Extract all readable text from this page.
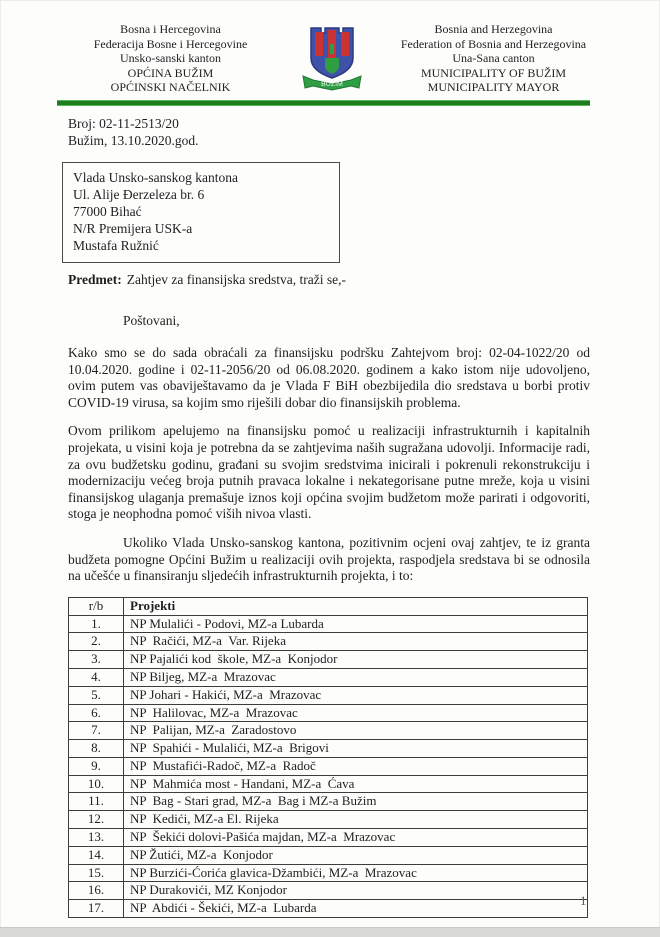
Bosna i Hercegovina
Federacija Bosne i Hercegovine
Unsko-sanski kanton
OPĆINA BUŽIM
OPĆINSKI NAČELNIK	BUŽIM
Bosnia and Herzegovina
Federation of Bosnia and Herzegovina
Una-Sana canton
MUNICIPALITY OF BUŽIM
MUNICIPALITY MAYOR
Broj: 02-11-2513/20
Bužim, 13.10.2020.god.
Vlada Unsko-sanskog kantona
Ul. Alije Đerzeleza br. 6
77000 Bihać
N/R Premijera USK-a
Mustafa Ružnić
Predmet: Zahtjev za finansijska sredstva, traži se,-
Poštovani,

Kako smo se do sada obraćali za finansijsku podršku Zahtejvom broj: 02-04-1022/20 od 10.04.2020. godine i 02-11-2056/20 od 06.08.2020. godinem a kako istom nije udovoljeno, ovim putem vas obaviještavamo da je Vlada F BiH obezbijedila dio sredstava u borbi protiv COVID-19 virusa, sa kojim smo riješili dobar dio finansijskih problema.

Ovom prilikom apelujemo na finansijsku pomoć u realizaciji infrastrukturnih i kapitalnih projekata, u visini koja je potrebna da se zahtjevima naših sugražana udovolji. Informacije radi, za ovu budžetsku godinu, građani su svojim sredstvima inicirali i pokrenuli rekonstrukciju i modernizaciju većeg broja putnih pravaca lokalne i nekategorisane putne mreže, koja u visini finansijskog ulaganja premašuje iznos koji općina svojim budžetom može parirati i odgovoriti, stoga je neophodna pomoć viših nivoa vlasti.

Ukoliko Vlada Unsko-sanskog kantona, pozitivnim ocjeni ovaj zahtjev, te iz granta budžeta pomogne Općini Bužim u realizaciji ovih projekta, raspodjela sredstava bi se odnosila na učešće u finansiranju sljedećih infrastrukturnih projekta, i to:

r/b	Projekti
1.	NP Mulalići - Podovi, MZ-a Lubarda
2.	NP  Račići, MZ-a  Var. Rijeka
3.	NP Pajalići kod  škole, MZ-a  Konjodor
4.	NP Biljeg, MZ-a  Mrazovac
5.	NP Johari - Hakići, MZ-a  Mrazovac
6.	NP  Halilovac, MZ-a  Mrazovac
7.	NP  Palijan, MZ-a  Zaradostovo
8.	NP  Spahići - Mulalići, MZ-a  Brigovi
9.	NP  Mustafići-Radoč, MZ-a  Radoč
10.	NP  Mahmića most - Handani, MZ-a  Ćava
11.	NP  Bag - Stari grad, MZ-a  Bag i MZ-a Bužim
12.	NP  Kedići, MZ-a El. Rijeka
13.	NP  Šekići dolovi-Pašića majdan, MZ-a  Mrazovac
14.	NP Žutići, MZ-a  Konjodor
15.	NP Burzići-Ćorića glavica-Džambići, MZ-a  Mrazovac
16.	NP Durakovići, MZ Konjodor
17.	NP  Abdići - Šekići, MZ-a  Lubarda	1
